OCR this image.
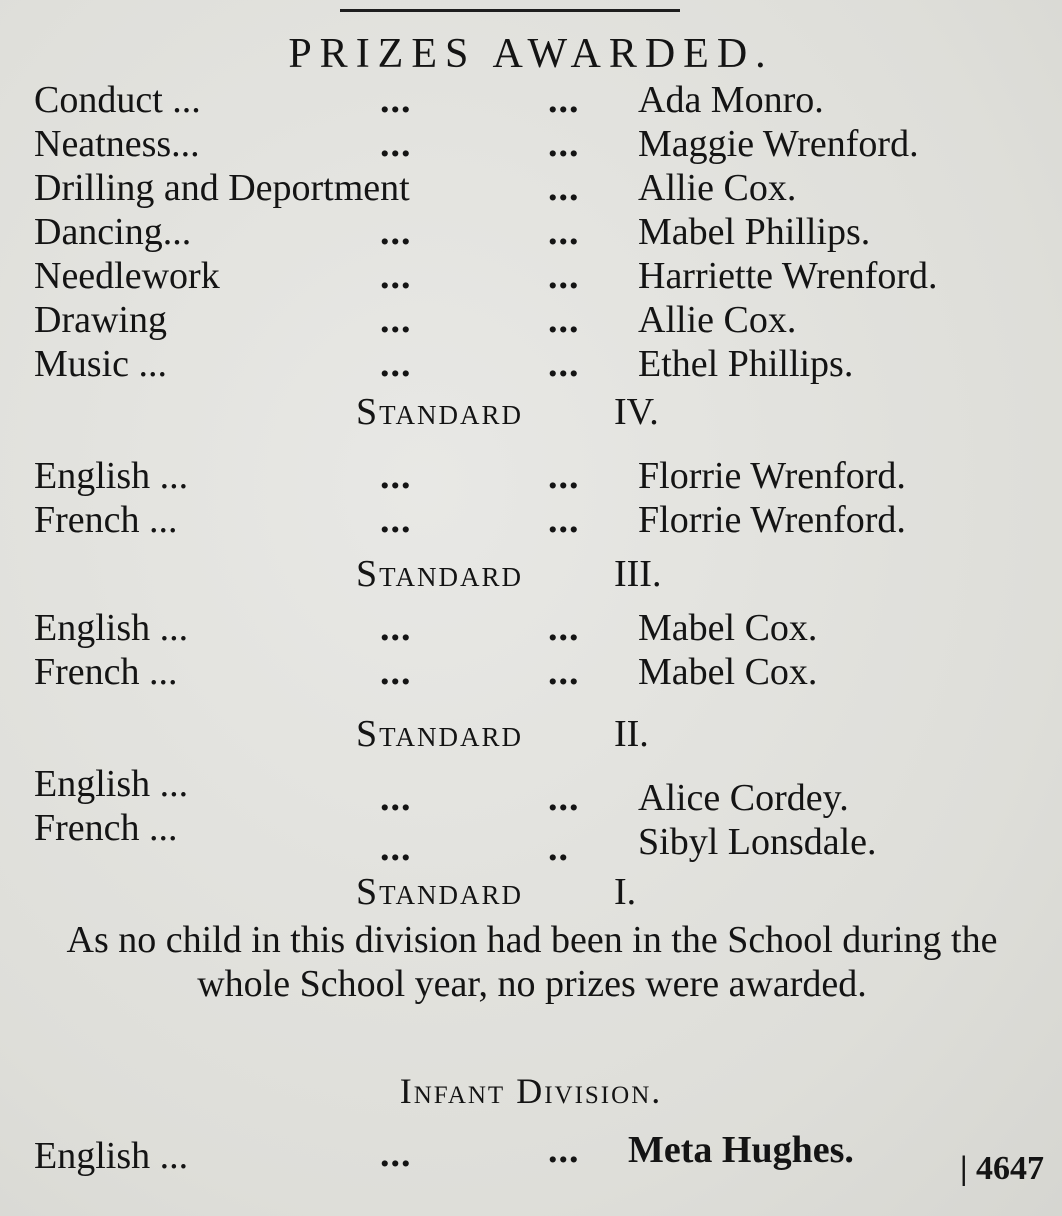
PRIZES AWARDED.
Conduct ...	...	... Ada Monro.
Neatness...	...	... Maggie Wrenford.
Drilling and Deportment	... Allie Cox.
Dancing...	...	... Mabel Phillips.
Needlework	...	... Harriette Wrenford.
Drawing	...	... Allie Cox.
Music ...	...	... Ethel Phillips.
Standard IV.
English ...	...	... Florrie Wrenford.
French ...	...	... Florrie Wrenford.
Standard III.
English ...	...	... Mabel Cox.
French ...	...	... Mabel Cox.
Standard II.
English ...	...	... Alice Cordey.
French ...	...	.. Sibyl Lonsdale.
Standard I.
As no child in this division had been in the School during the whole School year, no prizes were awarded.
Infant Division.
English ...	...	... Meta Hughes.	| 4647
